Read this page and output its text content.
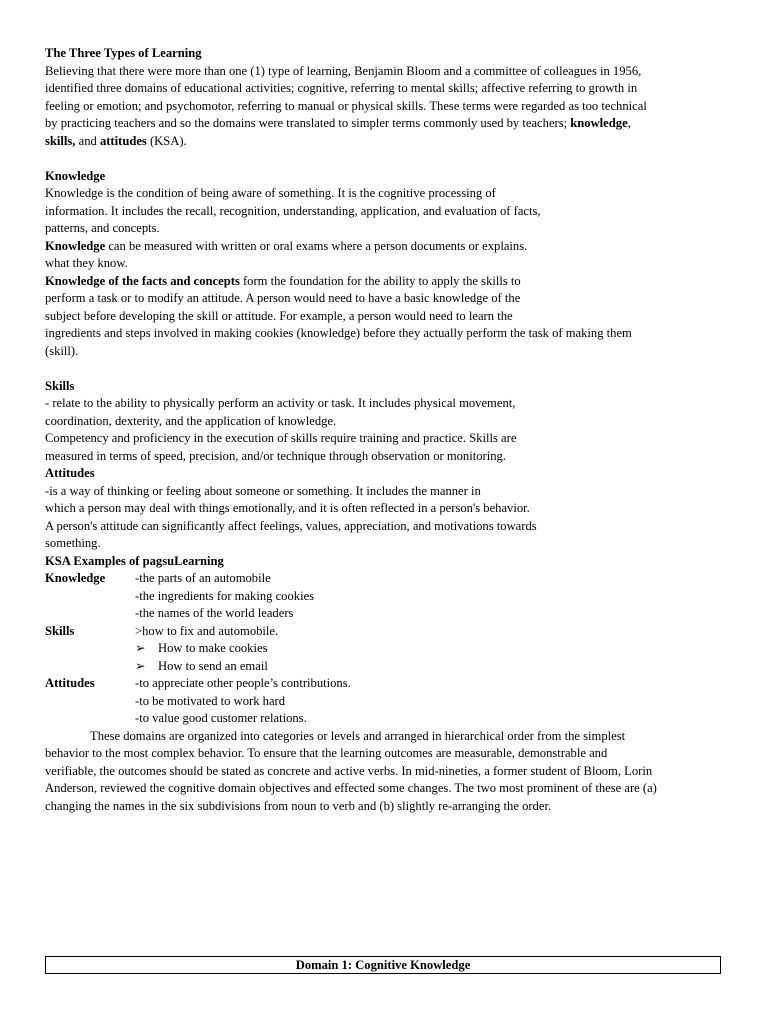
The Three Types of Learning
Believing that there were more than one (1) type of learning, Benjamin Bloom and a committee of colleagues in 1956,
identified three domains of educational activities; cognitive, referring to mental skills; affective referring to growth in
feeling or emotion; and psychomotor, referring to manual or physical skills. These terms were regarded as too technical
by practicing teachers and so the domains were translated to simpler terms commonly used by teachers; knowledge,
skills, and attitudes (KSA).
Knowledge
Knowledge is the condition of being aware of something. It is the cognitive processing of
information. It includes the recall, recognition, understanding, application, and evaluation of facts,
patterns, and concepts.
Knowledge can be measured with written or oral exams where a person documents or explains.
what they know.
Knowledge of the facts and concepts form the foundation for the ability to apply the skills to
perform a task or to modify an attitude. A person would need to have a basic knowledge of the
subject before developing the skill or attitude. For example, a person would need to learn the
ingredients and steps involved in making cookies (knowledge) before they actually perform the task of making them
(skill).
Skills
- relate to the ability to physically perform an activity or task. It includes physical movement,
coordination, dexterity, and the application of knowledge.
Competency and proficiency in the execution of skills require training and practice. Skills are
measured in terms of speed, precision, and/or technique through observation or monitoring.
Attitudes
-is a way of thinking or feeling about someone or something. It includes the manner in
which a person may deal with things emotionally, and it is often reflected in a person's behavior.
A person's attitude can significantly affect feelings, values, appreciation, and motivations towards
something.
KSA Examples of pagsuLearning
Knowledge	-the parts of an automobile
-the ingredients for making cookies
-the names of the world leaders
Skills	>how to fix and automobile.
➢ How to make cookies
➢ How to send an email
Attitudes	-to appreciate other people’s contributions.
-to be motivated to work hard
-to value good customer relations.
These domains are organized into categories or levels and arranged in hierarchical order from the simplest
behavior to the most complex behavior. To ensure that the learning outcomes are measurable, demonstrable and
verifiable, the outcomes should be stated as concrete and active verbs. In mid-nineties, a former student of Bloom, Lorin
Anderson, reviewed the cognitive domain objectives and effected some changes. The two most prominent of these are (a)
changing the names in the six subdivisions from noun to verb and (b) slightly re-arranging the order.
Domain 1: Cognitive Knowledge
